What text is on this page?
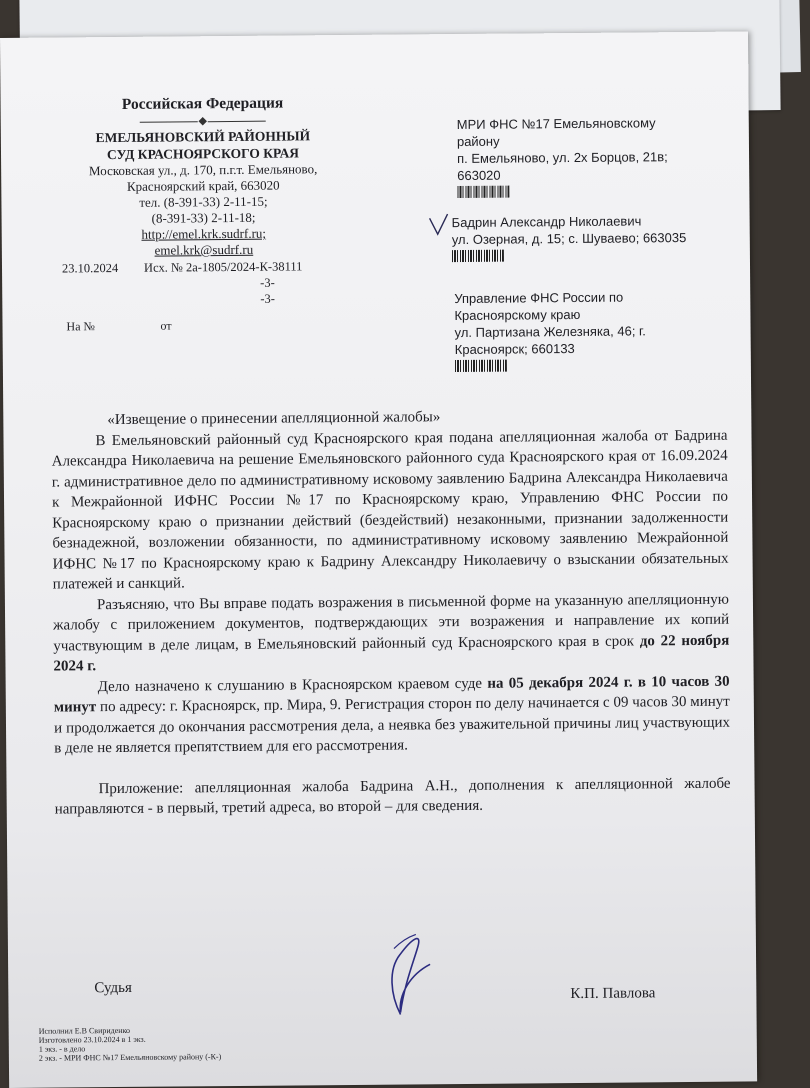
Российская Федерация
ЕМЕЛЬЯНОВСКИЙ РАЙОННЫЙ
СУД КРАСНОЯРСКОГО КРАЯ
Московская ул., д. 170, п.г.т. Емельяново,
Красноярский край, 663020
тел. (8-391-33) 2-11-15;
(8-391-33) 2-11-18;
http://emel.krk.sudrf.ru;
emel.krk@sudrf.ru
23.10.2024 Исх. № 2а-1805/2024-К-38111
-3-
-3-
На №	от
МРИ ФНС №17 Емельяновскому
району
п. Емельяново, ул. 2х Борцов, 21в;
663020
Бадрин Александр Николаевич
ул. Озерная, д. 15; с. Шуваево; 663035
Управление ФНС России по
Красноярскому краю
ул. Партизана Железняка, 46; г.
Красноярск; 660133

«Извещение о принесении апелляционной жалобы»

В Емельяновский районный суд Красноярского края подана апелляционная жалоба от Бадрина Александра Николаевича на решение Емельяновского районного суда Красноярского края от 16.09.2024 г. административное дело по административному исковому заявлению Бадрина Александра Николаевича к Межрайонной ИФНС России №17 по Красноярскому краю, Управлению ФНС России по Красноярскому краю о признании действий (бездействий) незаконными, признании задолженности безнадежной, возложении обязанности, по административному исковому заявлению Межрайонной ИФНС №17 по Красноярскому краю к Бадрину Александру Николаевичу о взыскании обязательных платежей и санкций.

Разъясняю, что Вы вправе подать возражения в письменной форме на указанную апелляционную жалобу с приложением документов, подтверждающих эти возражения и направление их копий участвующим в деле лицам, в Емельяновский районный суд Красноярского края в срок до 22 ноября 2024 г.

Дело назначено к слушанию в Красноярском краевом суде на 05 декабря 2024 г. в 10 часов 30 минут по адресу: г. Красноярск, пр. Мира, 9. Регистрация сторон по делу начинается с 09 часов 30 минут и продолжается до окончания рассмотрения дела, а неявка без уважительной причины лиц участвующих в деле не является препятствием для его рассмотрения.

Приложение: апелляционная жалоба Бадрина А.Н., дополнения к апелляционной жалобе направляются - в первый, третий адреса, во второй – для сведения.

Судья	К.П. Павлова
Исполнил Е.В Свириденко
Изготовлено 23.10.2024 в 1 экз.
1 экз. - в дело
2 экз. - МРИ ФНС №17 Емельяновскому району (-К-)
